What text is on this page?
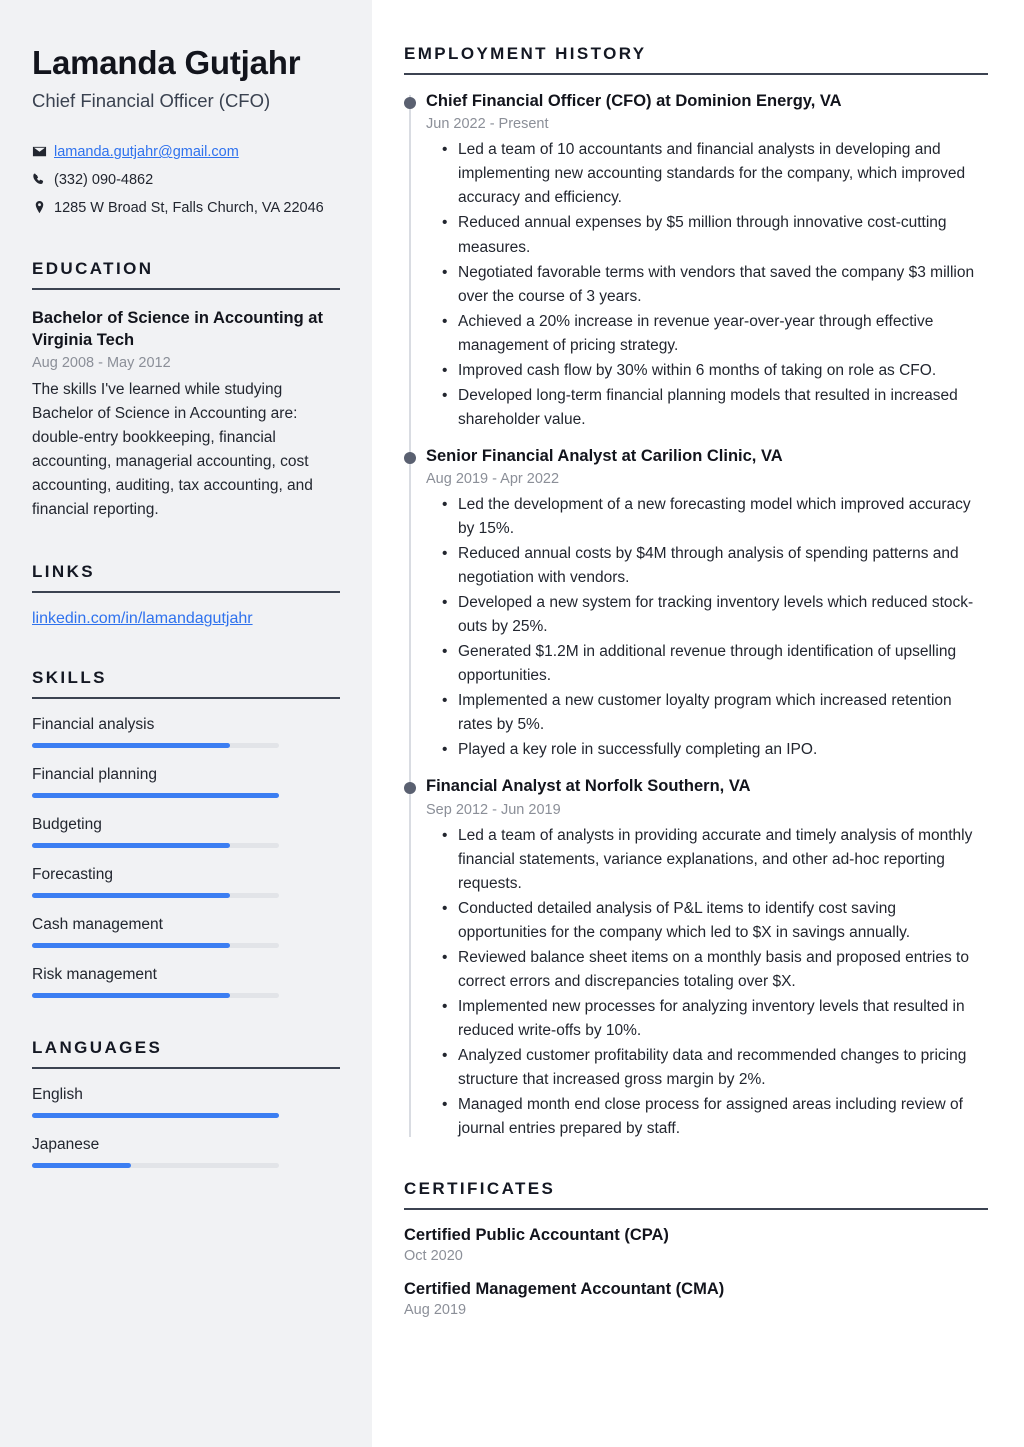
Lamanda Gutjahr
Chief Financial Officer (CFO)
lamanda.gutjahr@gmail.com
(332) 090-4862
1285 W Broad St, Falls Church, VA 22046
EDUCATION
Bachelor of Science in Accounting at Virginia Tech
Aug 2008 - May 2012
The skills I've learned while studying Bachelor of Science in Accounting are: double-entry bookkeeping, financial accounting, managerial accounting, cost accounting, auditing, tax accounting, and financial reporting.
LINKS
linkedin.com/in/lamandagutjahr
SKILLS
Financial analysis
Financial planning
Budgeting
Forecasting
Cash management
Risk management
LANGUAGES
English
Japanese
EMPLOYMENT HISTORY
Chief Financial Officer (CFO) at Dominion Energy, VA
Jun 2022 - Present
• Led a team of 10 accountants and financial analysts in developing and implementing new accounting standards for the company, which improved accuracy and efficiency.
• Reduced annual expenses by $5 million through innovative cost-cutting measures.
• Negotiated favorable terms with vendors that saved the company $3 million over the course of 3 years.
• Achieved a 20% increase in revenue year-over-year through effective management of pricing strategy.
• Improved cash flow by 30% within 6 months of taking on role as CFO.
• Developed long-term financial planning models that resulted in increased shareholder value.
Senior Financial Analyst at Carilion Clinic, VA
Aug 2019 - Apr 2022
• Led the development of a new forecasting model which improved accuracy by 15%.
• Reduced annual costs by $4M through analysis of spending patterns and negotiation with vendors.
• Developed a new system for tracking inventory levels which reduced stock-outs by 25%.
• Generated $1.2M in additional revenue through identification of upselling opportunities.
• Implemented a new customer loyalty program which increased retention rates by 5%.
• Played a key role in successfully completing an IPO.
Financial Analyst at Norfolk Southern, VA
Sep 2012 - Jun 2019
• Led a team of analysts in providing accurate and timely analysis of monthly financial statements, variance explanations, and other ad-hoc reporting requests.
• Conducted detailed analysis of P&L items to identify cost saving opportunities for the company which led to $X in savings annually.
• Reviewed balance sheet items on a monthly basis and proposed entries to correct errors and discrepancies totaling over $X.
• Implemented new processes for analyzing inventory levels that resulted in reduced write-offs by 10%.
• Analyzed customer profitability data and recommended changes to pricing structure that increased gross margin by 2%.
• Managed month end close process for assigned areas including review of journal entries prepared by staff.
CERTIFICATES
Certified Public Accountant (CPA)
Oct 2020
Certified Management Accountant (CMA)
Aug 2019
